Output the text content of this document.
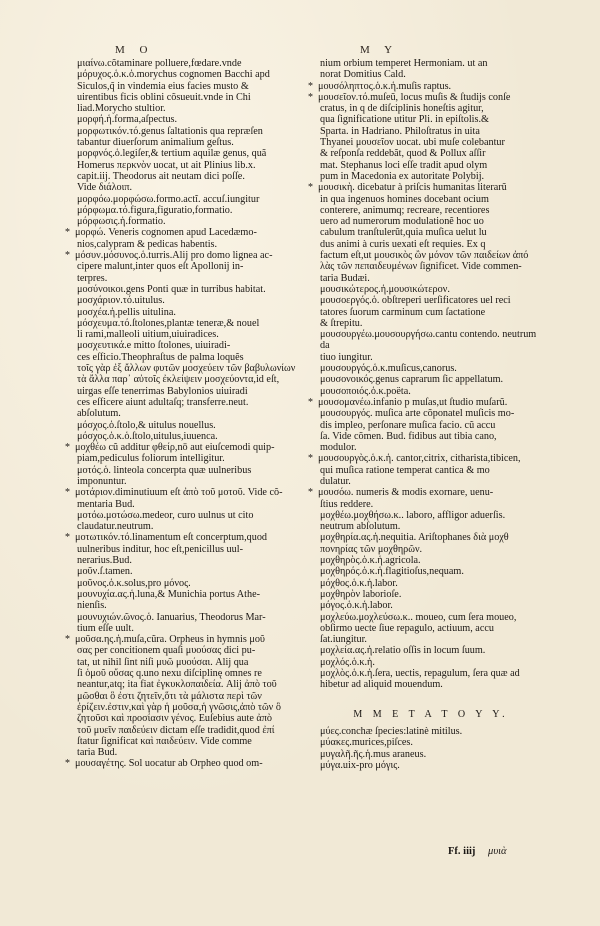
M O	M Y
μιαίνω.cõtaminare polluere,fœdare.vnde
μόρυχος.ὁ.κ.ὁ.morychus cognomen Bacchi apd
Siculos,q̃ in vindemia eius facies musto &
uirentibus ficis oblini cõsueuit.vnde in Chi
liad.Morycho stultior.
μορφή.ἡ.forma,aſpectus.
μορφωτικόν.τό.genus ſaltationis qua repræſen
tabantur diuerſorum animalium geſtus.
μορφνός.ὁ.legiſer,& tertium aquilæ genus, quã
Homerus περκνὸν uocat, ut ait Plinius lib.x.
capit.iij. Theodorus ait neutam dici poſſe.
Vide διάλοιπ.
μορφόω.μορφώσω.formo.actĩ. accuſ.iungitur
μόρφωμα.τό.figura,figuratio,formatio.
μόρφωσις.ἡ.formatio.
* μορφώ. Veneris cognomen apud Lacedæmo-
nios,calypram & pedicas habentis.
* μόσυν.μόσυνος.ὁ.turris.Alij pro domo lignea ac-
cipere malunt,inter quos eſt Apollonij in-
terpres.
μοσύνοικοι.gens Ponti quæ in turribus habitat.
μοσχάριον.τό.uitulus.
μοσχέα.ἡ.pellis uitulina.
μόσχευμα.τό.ſtolones,plantæ teneræ,& nouel
li rami,malleoli uitium,uiuiradices.
μοσχευτικά.e mitto ſtolones, uiuiradi-
ces eſficio.Theophraſtus de palma loquẽs
τοῖς γὰρ ἐξ ἄλλων φυτῶν μοσχεύειν τῶν βαβυλωνίων
τὰ ἄλλα παρ᾽ αὐτοῖς ἐκλείψειν μοσχεύοντα,id eſt,
uirgas eſſe tenerrimas Babylonios uiuiradi
ces eſficere aiunt adultaſq; transferre.neut.
abſolutum.
μόσχος.ὁ.ſtolo,& uitulus nouellus.
μόσχος.ὁ.κ.ὁ.ſtolo,uitulus,iuuenca.
* μοχθέω cũ additur φθείρ,nō aut eiuſcemodi quip-
piam,pediculus foliorum intelligitur.
μοτός.ὁ. linteola concerpta quæ uulneribus
imponuntur.
* μοτάριον.diminutiuum eſt ἀπὸ τοῦ μοτοῦ. Vide cõ-
mentaria Bud.
μοτόω.μοτώσω.medeor, curo uulnus ut cito
claudatur.neutrum.
* μοτωτικόν.τό.linamentum eſt concerptum,quod
uulneribus inditur, hoc eſt,penicillus uul-
nerarius.Bud.
μοῦν.ſ.tamen.
μοῦνος.ὁ.κ.solus,pro μόνος.
μουνυχία.ας.ἡ.luna,& Munichia portus Athe-
nienſis.
μουνυχιών.ῶνος.ὁ. Ianuarius, Theodorus Mar-
tium eſſe uult.
* μοῦσα.ης.ἡ.muſa,cũra. Orpheus in hymnis μοῦ
σας per concitionem quaſi μυούσας dici pu-
tat, ut nihil ſint niſi μυῶ μυούσαι. Alij qua
ſi ὁμοῦ οὔσας q.uno nexu diſciplinę omnes re
neantur,atq; ita fiat ἐγκυκλοπαιδεία. Alij ἀπὸ τοῦ
μῶσθαι ὃ ἐστι ζητεῖν,ὅτι τὰ μάλιστα περὶ τῶν
ἐρίζειν.ἐστιν,καὶ γὰρ ἡ μοῦσα,ἡ γνῶσις,ἀπὸ τῶν ὃ
ζητοῦσι καὶ προσίασιν γένος. Euſebius aute ἀπὸ
τοῦ μυεῖν παιδεύειν dictam eſſe tradidit,quod ἐπί
ſtatur ſignificat καὶ παιδεύειν. Vide comme
taria Bud.
* μουσαγέτης. Sol uocatur ab Orpheo quod om-
nium orbium temperet Hermoniam. ut an
norat Domitius Cald.
* μουσόληπτος.ὁ.κ.ἡ.muſis raptus.
* μουσεῖον.τό.muſeũ, locus muſis & ſtudijs conſe
cratus, in q de diſciplinis honeſtis agitur,
qua ſignificatione utitur Pli. in epiſtolis.&
Sparta. in Hadriano. Philoſtratus in uita
Thyanei μουσεῖον uocat. ubi muſe colebantur
& reſponſa reddebãt, quod & Pollux aſſir
mat. Stephanus loci eſſe tradit apud olym
pum in Macedonia ex autoritate Polybij.
* μουσικὴ. dicebatur à priſcis humanitas literarũ
in qua ingenuos homines docebant ocium
conterere, animumq; recreare, recentiores
uero ad numerorum modulationẽ hoc uo
cabulum tranſtulerũt,quia muſica uelut lu
dus animi à curis uexati eſt requies. Ex q
factum eſt,ut μουσικὸς ὢν μόνον τῶν παιδείων ἀπό
λὰς τῶν πεπαιδευμένων ſignificet. Vide commen-
taria Budæi.
μουσικώτερος.ἡ.μουσικώτερον.
μουσοεργός.ὁ. obſtreperi uerſificatores uel reci
tatores ſuorum carminum cum ſactatione
& ſtrepitu.
μουσουργέω.μουσουργήσω.cantu contendo. neutrum da
tiuo iungitur.
μουσουργός.ὁ.κ.muſicus,canorus.
μουσονοικός.genus caprarum ſic appellatum.
μουσοποιός.ὁ.κ.poëta.
* μουσομανέω.infanio p muſas,ut ſtudio muſarũ.
μουσουργός. muſica arte cõponatel muſicis mo-
dis impleo, perſonare muſica facio. cũ accu
ſa. Vide cõmen. Bud. fidibus aut tibia cano,
modulor.
* μουσουργὸς.ὁ.κ.ἡ. cantor,citrix, citharista,tibicen,
qui muſica ratione temperat cantica & mo
dulatur.
* μουσόω. numeris & modis exornare, uenu-
ſtius reddere.
μοχθέω.μοχθήσω.κ.. laboro, affligor aduerſis.
neutrum abſolutum.
μοχθηρία.ας.ἡ.nequitia. Ariſtophanes διὰ μοχθ
πονηρίας τῶν μοχθηρῶν.
μοχθηρὸς.ὁ.κ.ἡ.agricola.
μοχθηρός.ὁ.κ.ἡ.flagitioſus,nequam.
μόχθος.ὁ.κ.ἡ.labor.
μοχθηρὸν laborioſe.
μόγος.ὁ.κ.ἡ.labor.
μοχλεύω.μοχλεύσω.κ.. moueo, cum ſera moueo,
obſirmo uecte ſiue repagulo, actiuum, accu
ſat.iungitur.
μοχλεία.ας.ἡ.relatio oſſis in locum ſuum.
μοχλός.ὁ.κ.ἡ.
μοχλὸς.ὁ.κ.ἡ.ſera, uectis, repagulum, ſera quæ ad
hibetur ad aliquid mouendum.
M M E T A T O Y Y.
μύες.conchæ ſpecies:latinè mitilus.
μύακες.murices,piſces.
μυγαλῆ.ῆς.ἡ.mus araneus.
μύγα.uix-pro μόγις.
Ff. iiij μυιὰ
